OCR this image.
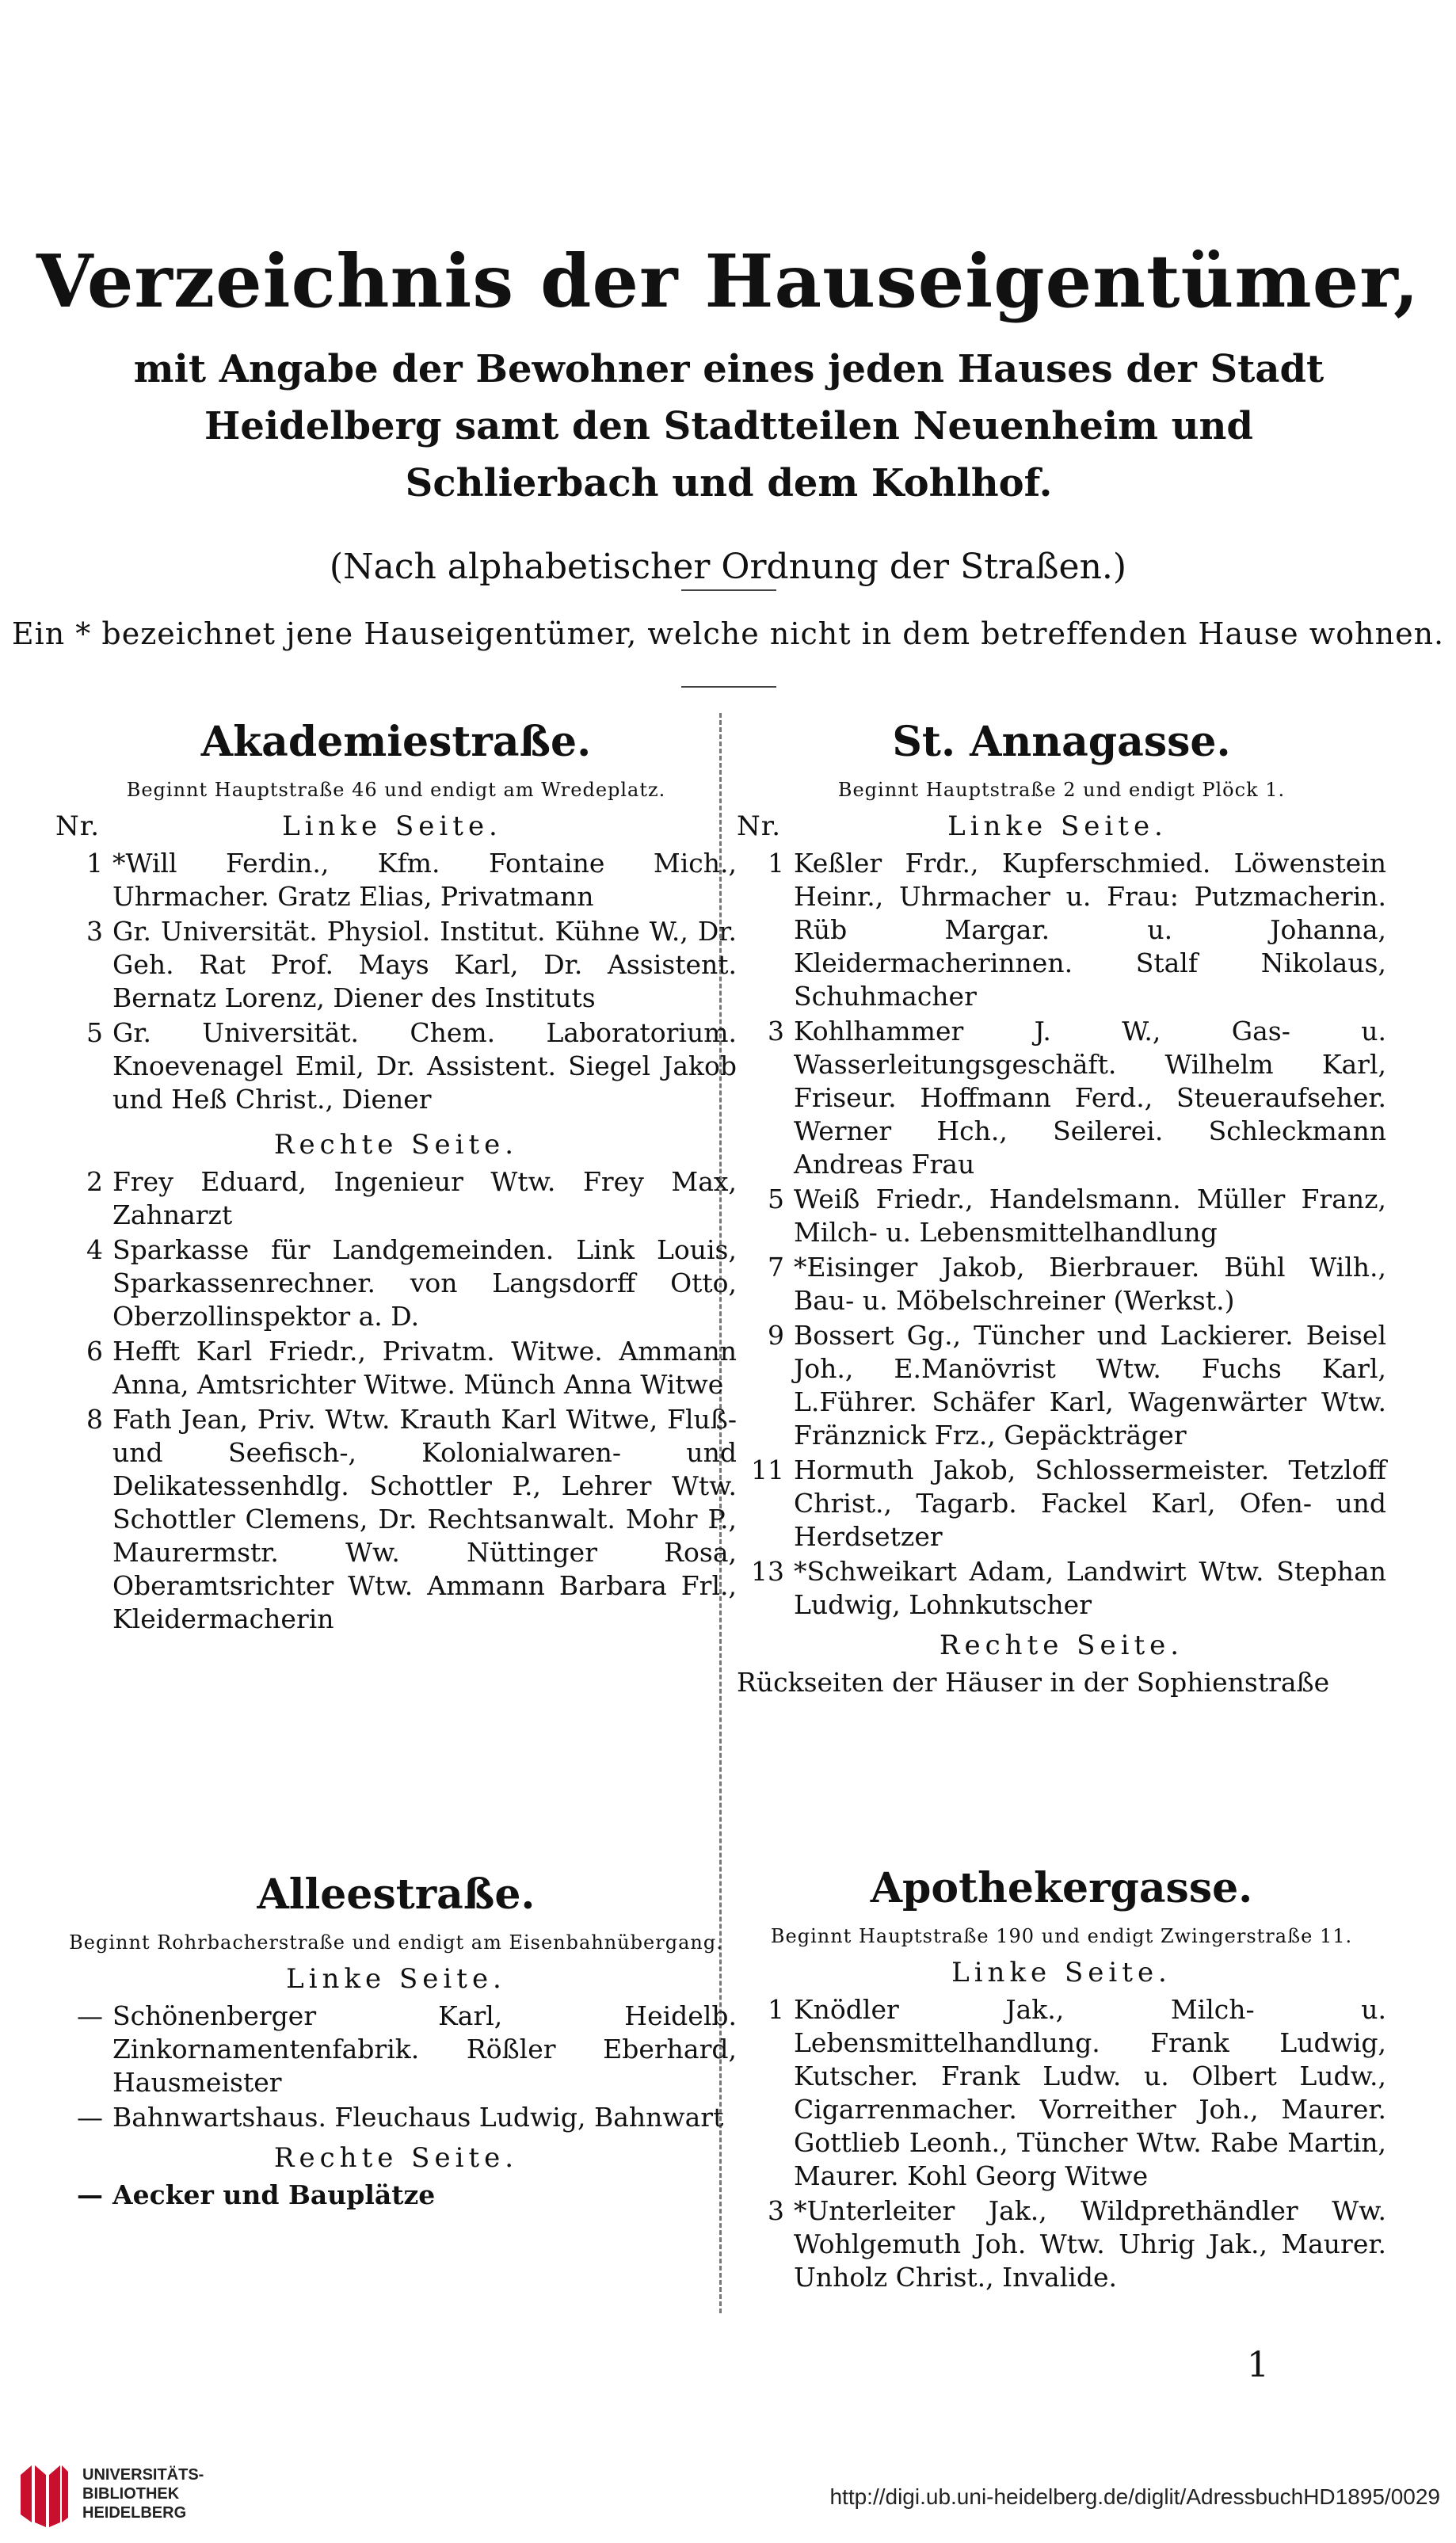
Verzeichnis der Hauseigentümer,
mit Angabe der Bewohner eines jeden Hauses der Stadt Heidelberg samt den Stadtteilen Neuenheim und Schlierbach und dem Kohlhof.
(Nach alphabetischer Ordnung der Straßen.)
Ein * bezeichnet jene Hauseigentümer, welche nicht in dem betreffenden Hause wohnen.
Akademiestraße.
Beginnt Hauptstraße 46 und endigt am Wredeplatz.
Nr.	Linke Seite.
1 *Will Ferdin., Kfm. Fontaine Mich., Uhrmacher. Gratz Elias, Privatmann
3 Gr. Universität. Physiol. Institut. Kühne W., Dr. Geh. Rat Prof. Mays Karl, Dr. Assistent. Bernatz Lorenz, Diener des Instituts
5 Gr. Universität. Chem. Laboratorium. Knoevenagel Emil, Dr. Assistent. Siegel Jakob und Heß Christ., Diener
Rechte Seite.
2 Frey Eduard, Ingenieur Wtw. Frey Max, Zahnarzt
4 Sparkasse für Landgemeinden. Link Louis, Sparkassenrechner. von Langsdorff Otto, Oberzollinspektor a. D.
6 Hefft Karl Friedr., Privatm. Witwe. Ammann Anna, Amtsrichter Witwe. Münch Anna Witwe
8 Fath Jean, Priv. Wtw. Krauth Karl Witwe, Fluß- und Seefisch-, Kolonialwaren- und Delikatessenhdlg. Schottler P., Lehrer Wtw. Schottler Clemens, Dr. Rechtsanwalt. Mohr P., Maurermstr. Ww. Nüttinger Rosa, Oberamtsrichter Wtw. Ammann Barbara Frl., Kleidermacherin
Alleestraße.
Beginnt Rohrbacherstraße und endigt am Eisenbahnübergang.
Linke Seite.
— Schönenberger Karl, Heidelb. Zinkornamentenfabrik. Rößler Eberhard, Hausmeister
— Bahnwartshaus. Fleuchaus Ludwig, Bahnwart
Rechte Seite.
— Aecker und Bauplätze
St. Annagasse.
Beginnt Hauptstraße 2 und endigt Plöck 1.
Nr.	Linke Seite.
1 Keßler Frdr., Kupferschmied. Löwenstein Heinr., Uhrmacher u. Frau: Putzmacherin. Rüb Margar. u. Johanna, Kleidermacherinnen. Stalf Nikolaus, Schuhmacher
3 Kohlhammer J. W., Gas- u. Wasserleitungsgeschäft. Wilhelm Karl, Friseur. Hoffmann Ferd., Steueraufseher. Werner Hch., Seilerei. Schleckmann Andreas Frau
5 Weiß Friedr., Handelsmann. Müller Franz, Milch- u. Lebensmittelhandlung
7 *Eisinger Jakob, Bierbrauer. Bühl Wilh., Bau- u. Möbelschreiner (Werkst.)
9 Bossert Gg., Tüncher und Lackierer. Beisel Joh., E.Manövrist Wtw. Fuchs Karl, L.Führer. Schäfer Karl, Wagenwärter Wtw. Fränznick Frz., Gepäckträger
11 Hormuth Jakob, Schlossermeister. Tetzloff Christ., Tagarb. Fackel Karl, Ofen- und Herdsetzer
13 *Schweikart Adam, Landwirt Wtw. Stephan Ludwig, Lohnkutscher
Rechte Seite.
Rückseiten der Häuser in der Sophienstraße
Apothekergasse.
Beginnt Hauptstraße 190 und endigt Zwingerstraße 11.
Linke Seite.
1 Knödler Jak., Milch- u. Lebensmittelhandlung. Frank Ludwig, Kutscher. Frank Ludw. u. Olbert Ludw., Cigarrenmacher. Vorreither Joh., Maurer. Gottlieb Leonh., Tüncher Wtw. Rabe Martin, Maurer. Kohl Georg Witwe
3 *Unterleiter Jak., Wildprethändler Ww. Wohlgemuth Joh. Wtw. Uhrig Jak., Maurer. Unholz Christ., Invalide.
1
UNIVERSITÄTS-
BIBLIOTHEK
HEIDELBERG
http://digi.ub.uni-heidelberg.de/diglit/AdressbuchHD1895/0029
